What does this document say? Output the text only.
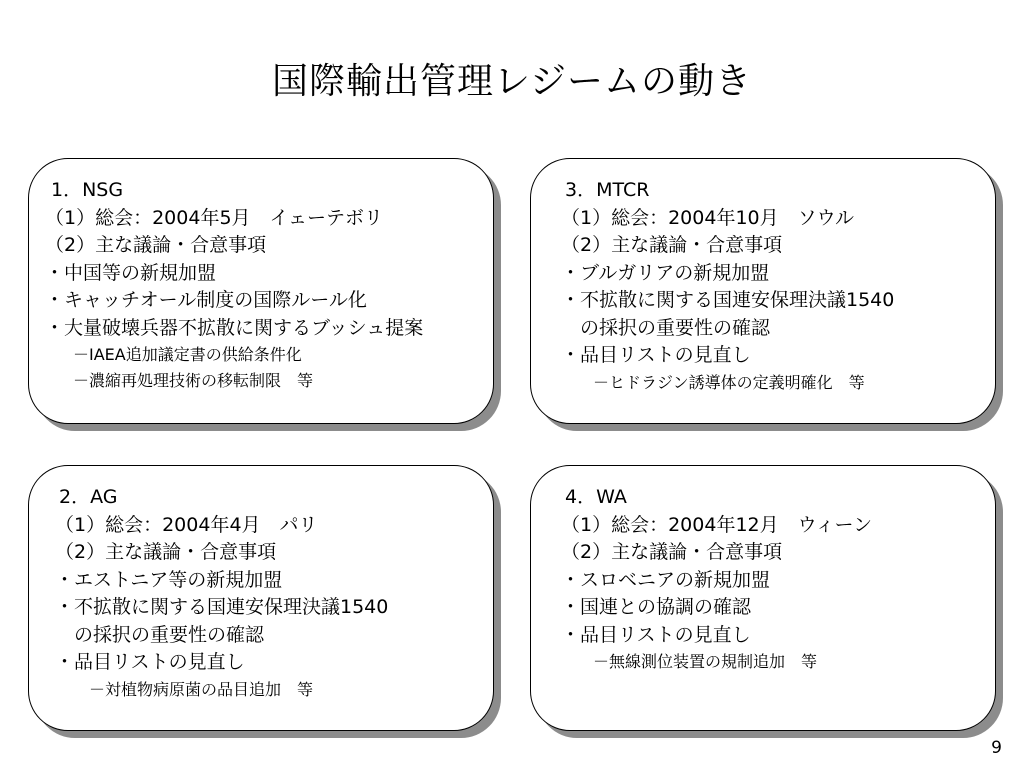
国際輸出管理レジームの動き
1．NSG
（1）総会：2004年5月　イェーテボリ
（2）主な議論・合意事項
・中国等の新規加盟
・キャッチオール制度の国際ルール化
・大量破壊兵器不拡散に関するブッシュ提案
－IAEA追加議定書の供給条件化
－濃縮再処理技術の移転制限　等
3．MTCR
（1）総会：2004年10月　ソウル
（2）主な議論・合意事項
・ブルガリアの新規加盟
・不拡散に関する国連安保理決議1540
　の採択の重要性の確認
・品目リストの見直し
－ヒドラジン誘導体の定義明確化　等
2．AG
（1）総会：2004年4月　パリ
（2）主な議論・合意事項
・エストニア等の新規加盟
・不拡散に関する国連安保理決議1540
　の採択の重要性の確認
・品目リストの見直し
－対植物病原菌の品目追加　等
4．WA
（1）総会：2004年12月　ウィーン
（2）主な議論・合意事項
・スロベニアの新規加盟
・国連との協調の確認
・品目リストの見直し
－無線測位装置の規制追加　等
9
